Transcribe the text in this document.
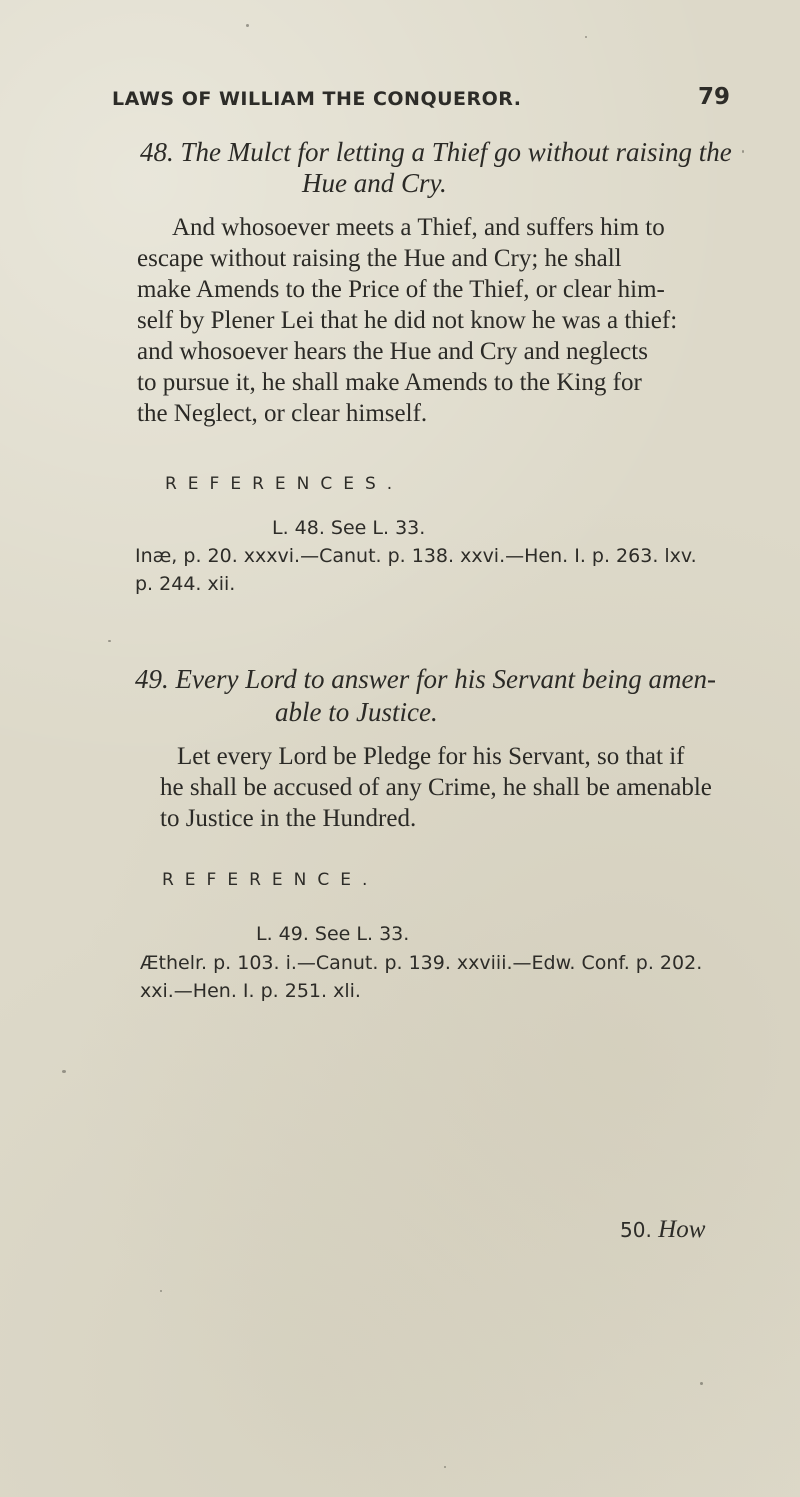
LAWS OF WILLIAM THE CONQUEROR.	79
48. The Mulct for letting a Thief go without raising the
Hue and Cry.
And whosoever meets a Thief, and suffers him to
escape without raising the Hue and Cry; he shall
make Amends to the Price of the Thief, or clear him-
self by Plener Lei that he did not know he was a thief:
and whosoever hears the Hue and Cry and neglects
to pursue it, he shall make Amends to the King for
the Neglect, or clear himself.
REFERENCES.
L. 48. See L. 33.
Inæ, p. 20. xxxvi.—Canut. p. 138. xxvi.—Hen. I. p. 263. lxv.
p. 244. xii.
49. Every Lord to answer for his Servant being amen-
able to Justice.
Let every Lord be Pledge for his Servant, so that if
he shall be accused of any Crime, he shall be amenable
to Justice in the Hundred.
REFERENCE.
L. 49. See L. 33.
Æthelr. p. 103. i.—Canut. p. 139. xxviii.—Edw. Conf. p. 202.
xxi.—Hen. I. p. 251. xli.
50. How
